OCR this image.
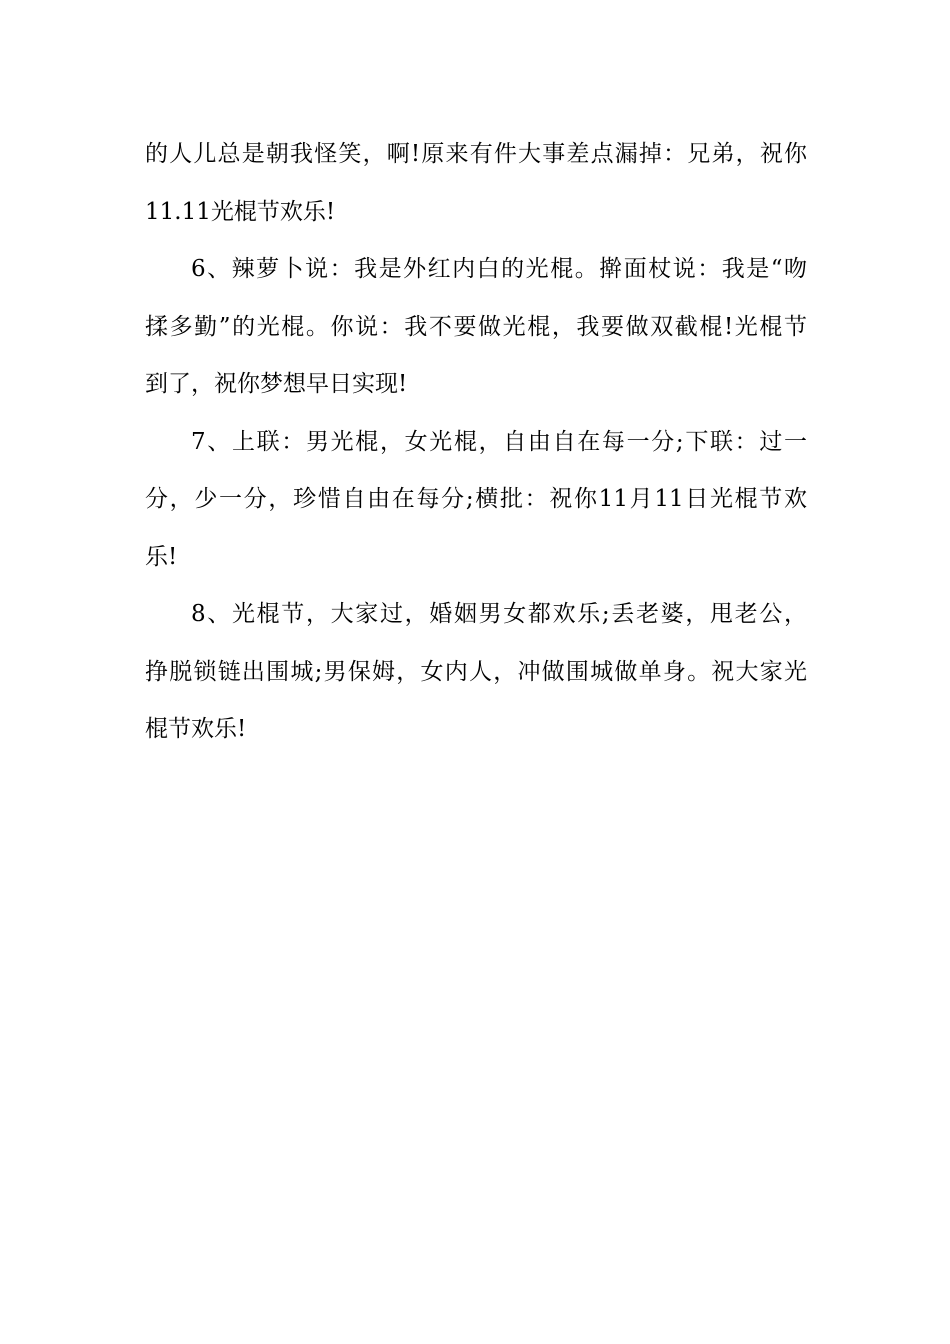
的人儿总是朝我怪笑，啊!原来有件大事差点漏掉：兄弟，祝你
11.11光棍节欢乐!
6、辣萝卜说：我是外红内白的光棍。擀面杖说：我是“吻
揉多勤”的光棍。你说：我不要做光棍，我要做双截棍!光棍节
到了，祝你梦想早日实现!
7、上联：男光棍，女光棍，自由自在每一分;下联：过一
分，少一分，珍惜自由在每分;横批：祝你11月11日光棍节欢
乐!
8、光棍节，大家过，婚姻男女都欢乐;丢老婆，甩老公，
挣脱锁链出围城;男保姆，女内人，冲做围城做单身。祝大家光
棍节欢乐!
